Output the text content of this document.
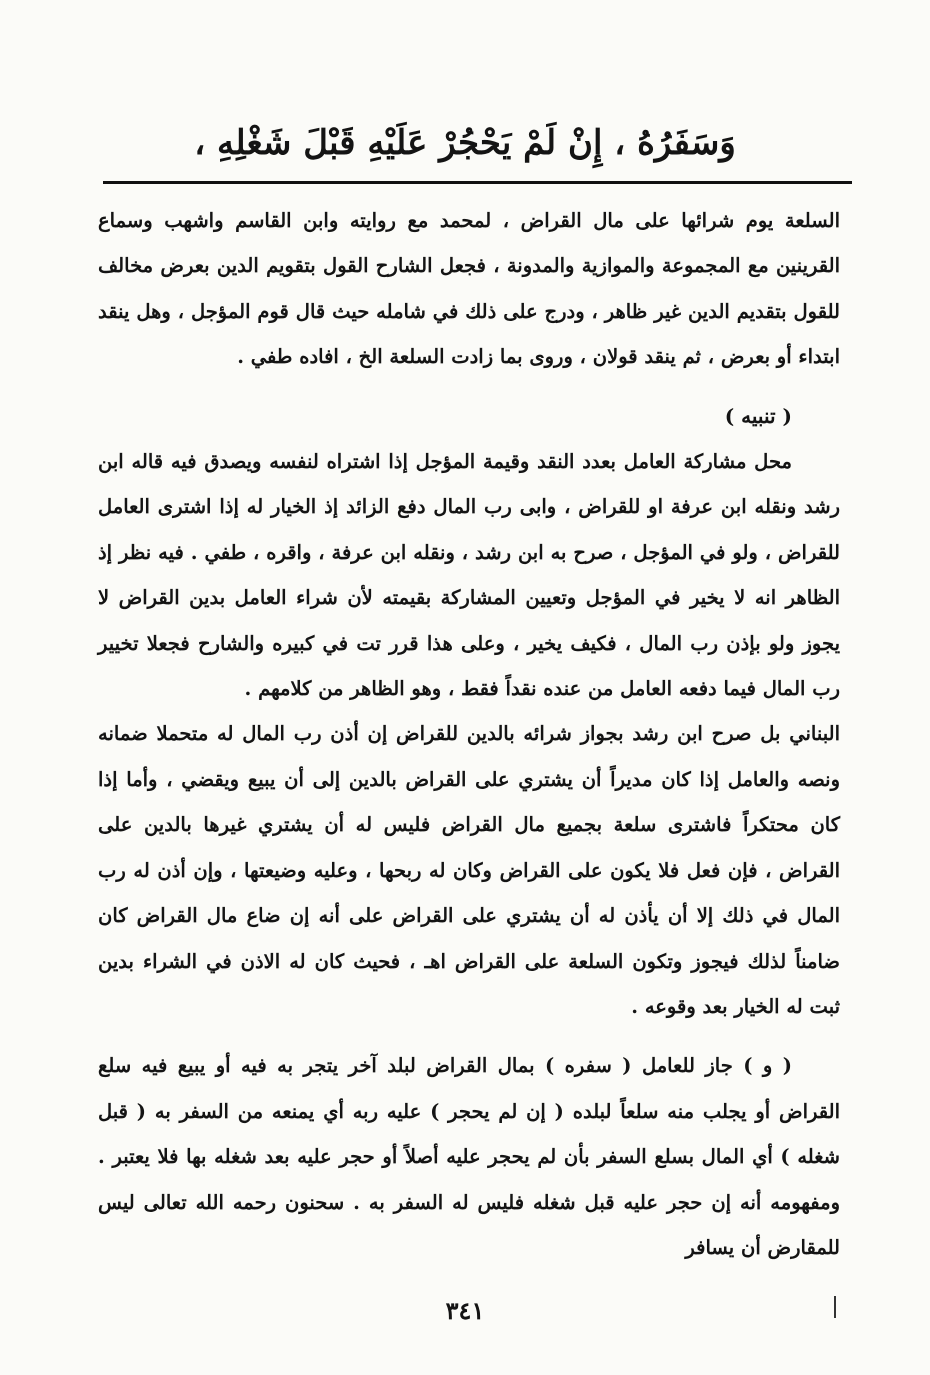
وَسَفَرُهُ ، إِنْ لَمْ يَحْجُرْ عَلَيْهِ قَبْلَ شَغْلِهِ ،

السلعة يوم شرائها على مال القراض ، لمحمد مع روايته وابن القاسم واشهب وسماع القرينين مع المجموعة والموازية والمدونة ، فجعل الشارح القول بتقويم الدين بعرض مخالف للقول بتقديم الدين غير ظاهر ، ودرج على ذلك في شامله حيث قال قوم المؤجل ، وهل ينقد ابتداء أو بعرض ، ثم ينقد قولان ، وروى بما زادت السلعة الخ ، افاده طفي .

( تنبيه )

محل مشاركة العامل بعدد النقد وقيمة المؤجل إذا اشتراه لنفسه ويصدق فيه قاله ابن رشد ونقله ابن عرفة او للقراض ، وابى رب المال دفع الزائد إذ الخيار له إذا اشترى العامل للقراض ، ولو في المؤجل ، صرح به ابن رشد ، ونقله ابن عرفة ، واقره ، طفي . فيه نظر إذ الظاهر انه لا يخير في المؤجل وتعيين المشاركة بقيمته لأن شراء العامل بدين القراض لا يجوز ولو بإذن رب المال ، فكيف يخير ، وعلى هذا قرر تت في كبيره والشارح فجعلا تخيير رب المال فيما دفعه العامل من عنده نقداً فقط ، وهو الظاهر من كلامهم .

البناني بل صرح ابن رشد بجواز شرائه بالدين للقراض إن أذن رب المال له متحملا ضمانه ونصه والعامل إذا كان مديراً أن يشتري على القراض بالدين إلى أن يبيع ويقضي ، وأما إذا كان محتكراً فاشترى سلعة بجميع مال القراض فليس له أن يشتري غيرها بالدين على القراض ، فإن فعل فلا يكون على القراض وكان له ربحها ، وعليه وضيعتها ، وإن أذن له رب المال في ذلك إلا أن يأذن له أن يشتري على القراض على أنه إن ضاع مال القراض كان ضامناً لذلك فيجوز وتكون السلعة على القراض اهـ ، فحيث كان له الاذن في الشراء بدين ثبت له الخيار بعد وقوعه .

( و ) جاز للعامل ( سفره ) بمال القراض لبلد آخر يتجر به فيه أو يبيع فيه سلع القراض أو يجلب منه سلعاً لبلده ( إن لم يحجر ) عليه ربه أي يمنعه من السفر به ( قبل شغله ) أي المال بسلع السفر بأن لم يحجر عليه أصلاً أو حجر عليه بعد شغله بها فلا يعتبر . ومفهومه أنه إن حجر عليه قبل شغله فليس له السفر به . سحنون رحمه الله تعالى ليس للمقارض أن يسافر

٣٤١
